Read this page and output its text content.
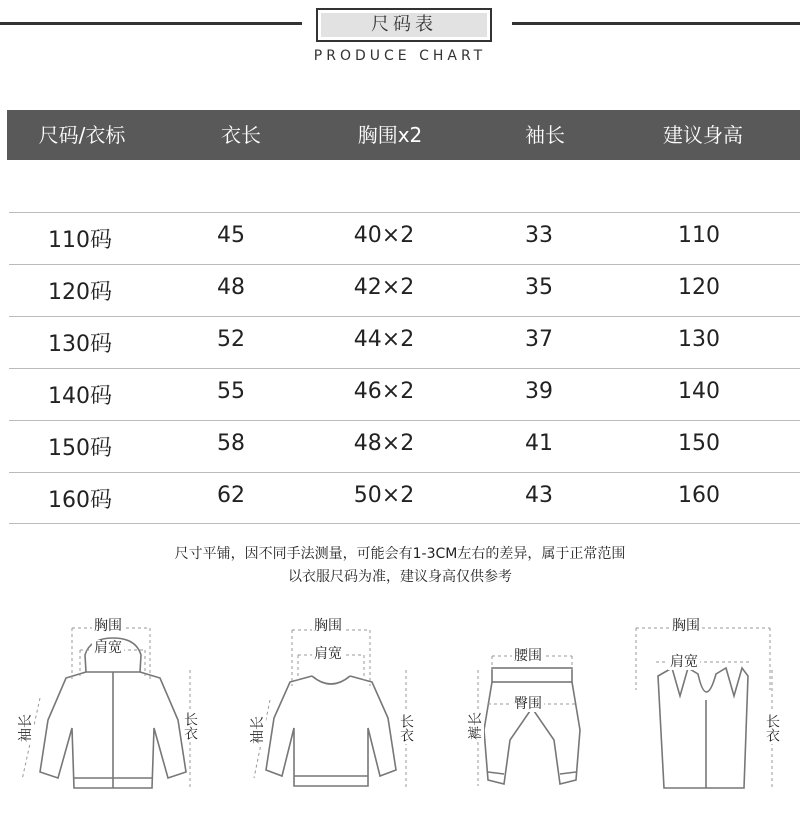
尺码表
PRODUCE CHART
尺码/衣标	衣长	胸围x2	袖长	建议身高
110码	45	40×2	33	110
120码	48	42×2	35	120
130码	52	44×2	37	130
140码	55	46×2	39	140
150码	58	48×2	41	150
160码	62	50×2	43	160
尺寸平铺，因不同手法测量，可能会有1-3CM左右的差异，属于正常范围
以衣服尺码为准，建议身高仅供参考
胸围
肩宽
袖长	长衣
胸围
肩宽
袖长	长衣
腰围
臀围
裤长
胸围
肩宽
长衣
